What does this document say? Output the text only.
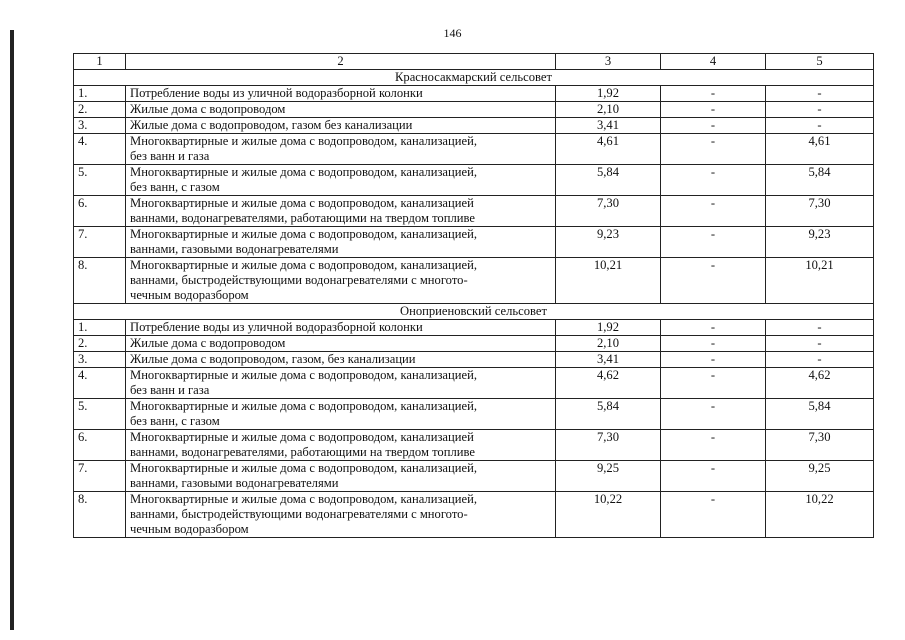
146
1	2	3	4	5
Красносакмарский сельсовет				
1.	Потребление воды из уличной водоразборной колонки	1,92	-	-
2.	Жилые дома с водопроводом	2,10	-	-
3.	Жилые дома с водопроводом, газом без канализации	3,41	-	-
4.	Многоквартирные и жилые дома с водопроводом, канализацией,
без ванн и газа	4,61	-	4,61
5.	Многоквартирные и жилые дома с водопроводом, канализацией,
без ванн, с газом	5,84	-	5,84
6.	Многоквартирные и жилые дома с водопроводом, канализацией
ваннами, водонагревателями, работающими на твердом топливе	7,30	-	7,30
7.	Многоквартирные и жилые дома с водопроводом, канализацией,
ваннами, газовыми водонагревателями	9,23	-	9,23
8.	Многоквартирные и жилые дома с водопроводом, канализацией,
ваннами, быстродействующими водонагревателями с многото-
чечным водоразбором	10,21	-	10,21
Оноприеновский сельсовет				
1.	Потребление воды из уличной водоразборной колонки	1,92	-	-
2.	Жилые дома с водопроводом	2,10	-	-
3.	Жилые дома с водопроводом, газом, без канализации	3,41	-	-
4.	Многоквартирные и жилые дома с водопроводом, канализацией,
без ванн и газа	4,62	-	4,62
5.	Многоквартирные и жилые дома с водопроводом, канализацией,
без ванн, с газом	5,84	-	5,84
6.	Многоквартирные и жилые дома с водопроводом, канализацией
ваннами, водонагревателями, работающими на твердом топливе	7,30	-	7,30
7.	Многоквартирные и жилые дома с водопроводом, канализацией,
ваннами, газовыми водонагревателями	9,25	-	9,25
8.	Многоквартирные и жилые дома с водопроводом, канализацией,
ваннами, быстродействующими водонагревателями с многото-
чечным водоразбором	10,22	-	10,22
